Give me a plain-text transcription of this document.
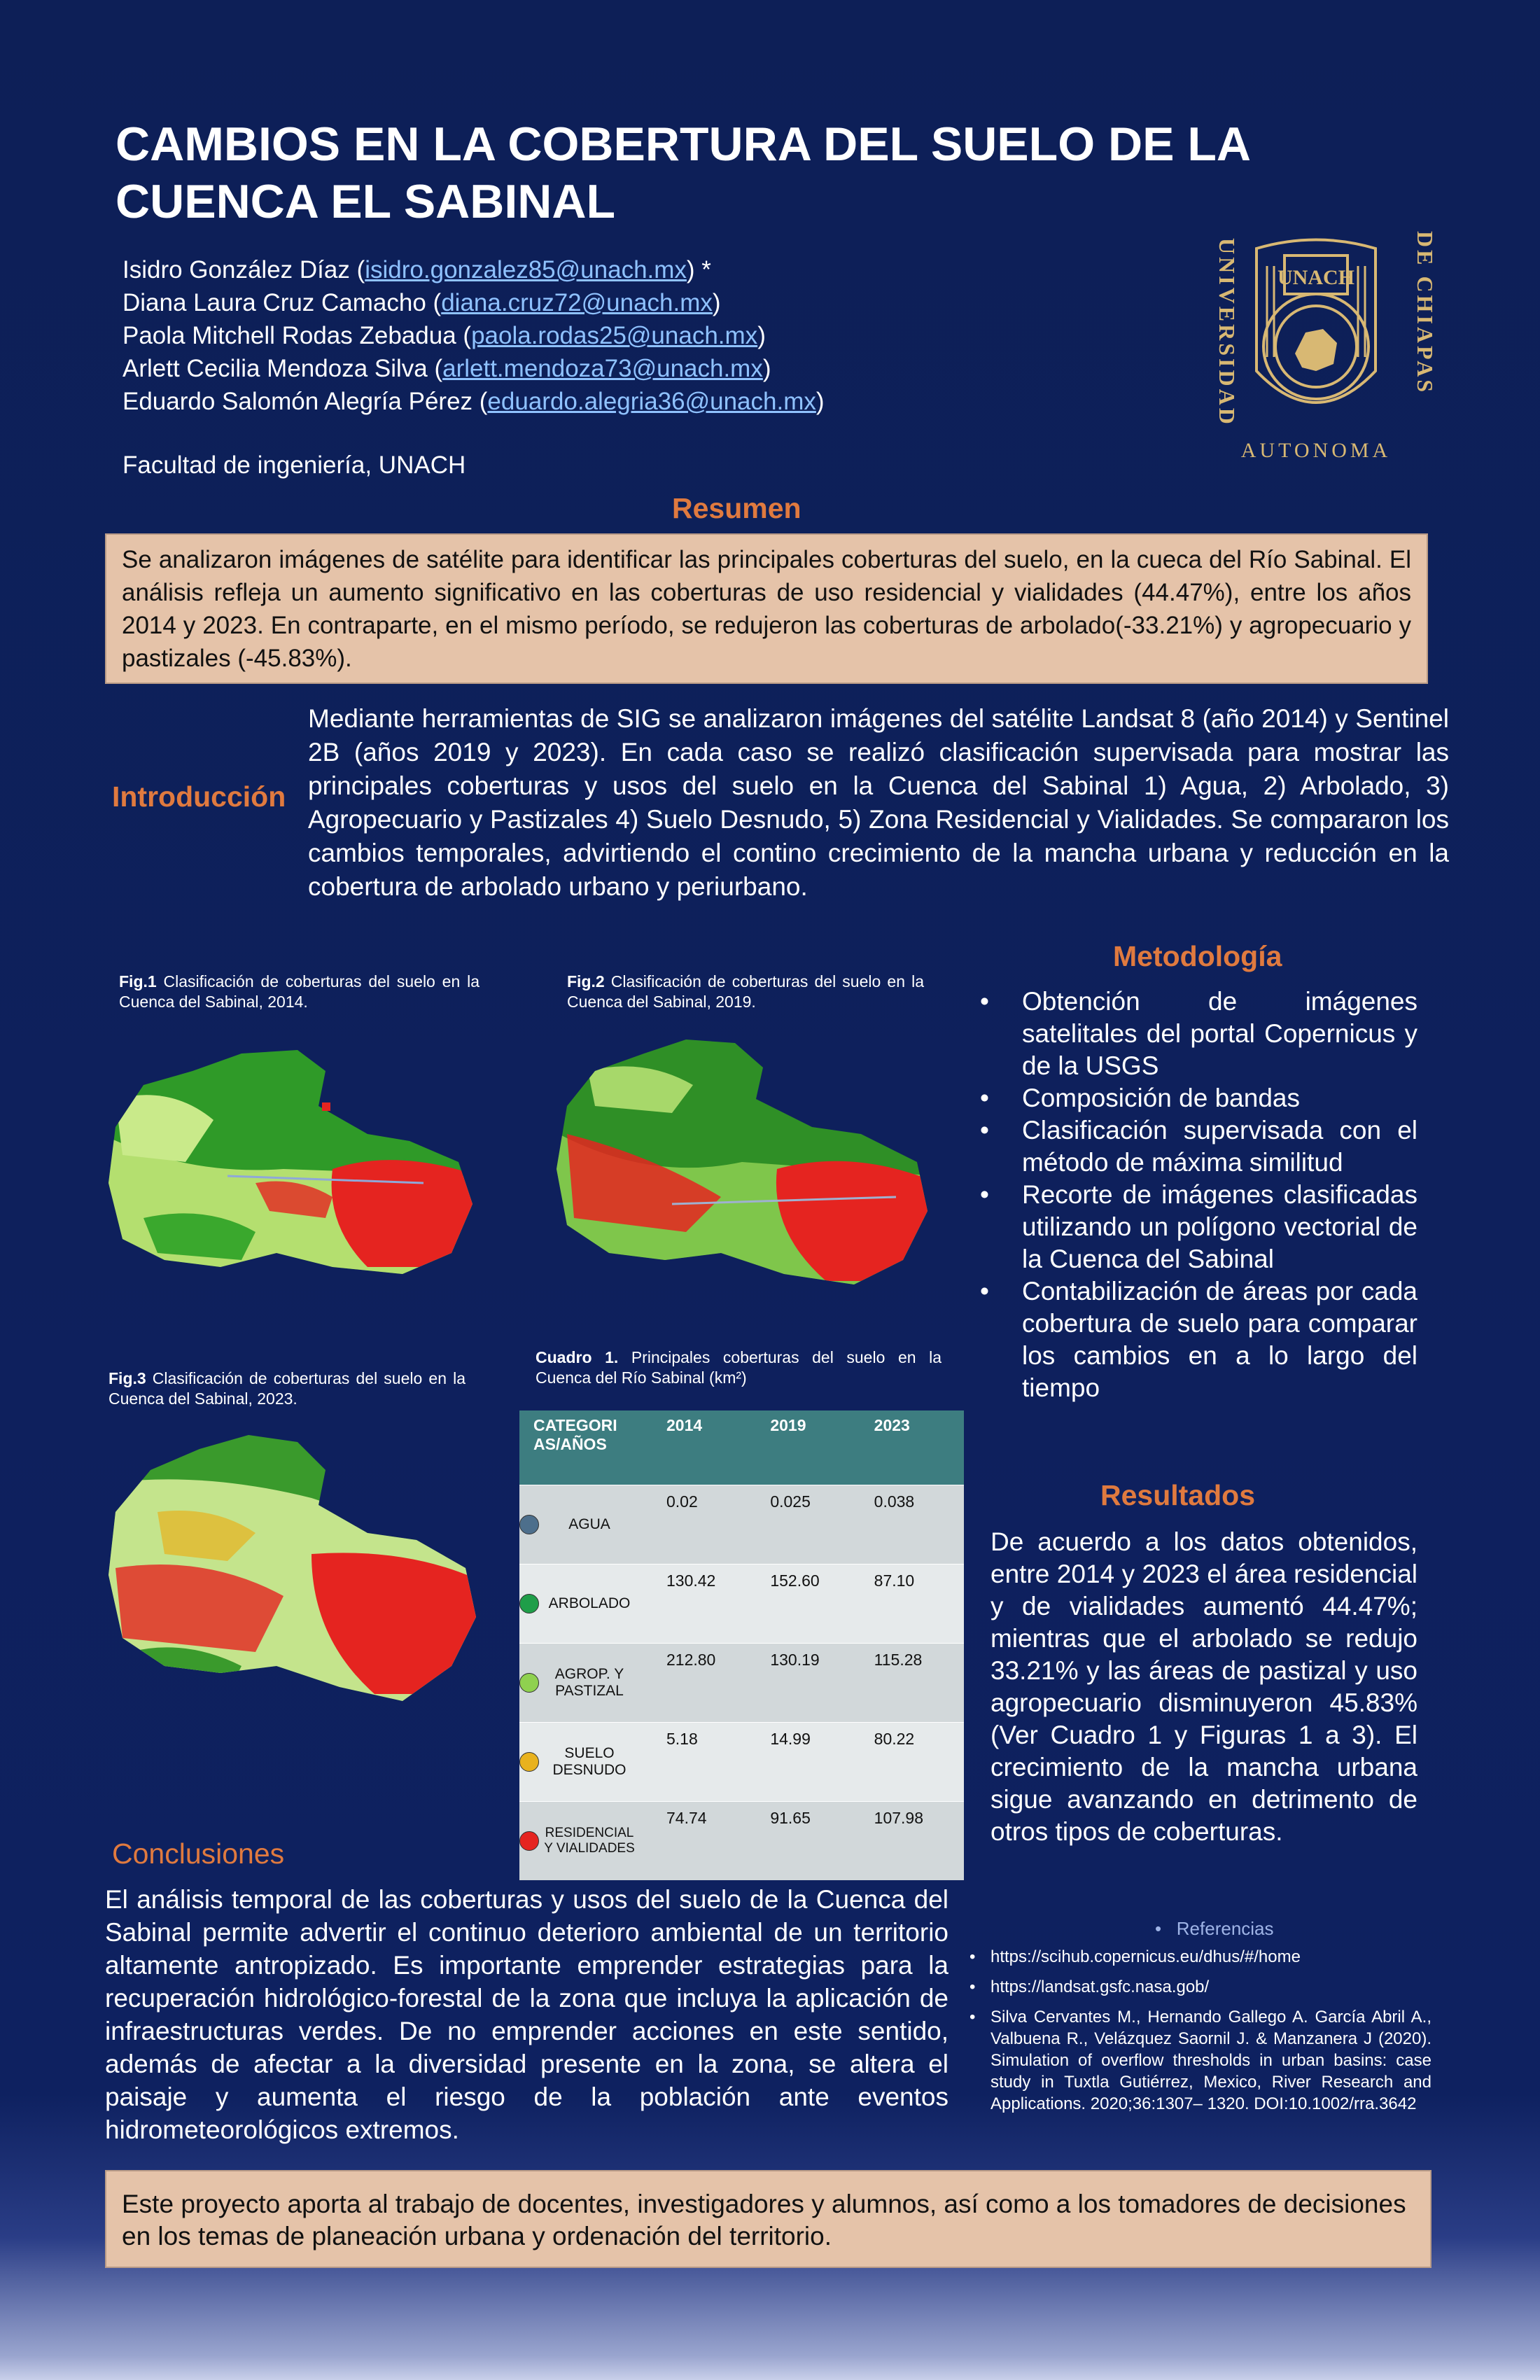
CAMBIOS EN LA COBERTURA DEL SUELO DE LA CUENCA EL SABINAL
Isidro González Díaz (isidro.gonzalez85@unach.mx) *
Diana Laura Cruz Camacho (diana.cruz72@unach.mx)
Paola Mitchell Rodas Zebadua (paola.rodas25@unach.mx)
Arlett Cecilia Mendoza Silva (arlett.mendoza73@unach.mx)
Eduardo Salomón Alegría Pérez (eduardo.alegria36@unach.mx)
Facultad de ingeniería, UNACH
UNACH
UNIVERSIDAD	DE CHIAPAS
AUTONOMA
Resumen
Se analizaron imágenes de satélite para identificar las principales coberturas del suelo, en la cueca del Río Sabinal. El análisis refleja un aumento significativo en las coberturas de uso residencial y vialidades (44.47%), entre los años 2014 y 2023. En contraparte, en el mismo período, se redujeron las coberturas de arbolado(-33.21%) y agropecuario y pastizales (-45.83%).
Introducción
Mediante herramientas de SIG se analizaron imágenes del satélite Landsat 8 (año 2014) y Sentinel 2B (años 2019 y 2023). En cada caso se realizó clasificación supervisada para mostrar las principales coberturas y usos del suelo en la Cuenca del Sabinal 1) Agua, 2) Arbolado, 3) Agropecuario y Pastizales 4) Suelo Desnudo, 5) Zona Residencial y Vialidades. Se compararon los cambios temporales, advirtiendo el contino crecimiento de la mancha urbana y reducción en la cobertura de arbolado urbano y periurbano.
Fig.1 Clasificación de coberturas del suelo en la Cuenca del Sabinal, 2014.
Fig.2 Clasificación de coberturas del suelo en la Cuenca del Sabinal, 2019.
Fig.3 Clasificación de coberturas del suelo en la Cuenca del Sabinal, 2023.
Cuadro 1. Principales coberturas del suelo en la Cuenca del Río Sabinal (km²)
CATEGORI AS/AÑOS	2014	2019	2023

AGUA	0.02	0.025	0.038

ARBOLADO	130.42	152.60	87.10

AGROP. Y PASTIZAL	212.80	130.19	115.28

SUELO DESNUDO	5.18	14.99	80.22

RESIDENCIAL Y VIALIDADES	74.74	91.65	107.98
Metodología
• Obtención de imágenes satelitales del portal Copernicus y de la USGS
• Composición de bandas
• Clasificación supervisada con el método de máxima similitud
• Recorte de imágenes clasificadas utilizando un polígono vectorial de la Cuenca del Sabinal
• Contabilización de áreas por cada cobertura de suelo para comparar los cambios en a lo largo del tiempo
Resultados
De acuerdo a los datos obtenidos, entre 2014 y 2023 el área residencial y de vialidades aumentó 44.47%; mientras que el arbolado se redujo 33.21% y las áreas de pastizal y uso agropecuario disminuyeron 45.83% (Ver Cuadro 1 y Figuras 1 a 3). El crecimiento de la mancha urbana sigue avanzando en detrimento de otros tipos de coberturas.
•   Referencias
• https://scihub.copernicus.eu/dhus/#/home
• https://landsat.gsfc.nasa.gob/
• Silva Cervantes M., Hernando Gallego A. García Abril A., Valbuena R., Velázquez Saornil J. & Manzanera J (2020). Simulation of overflow thresholds in urban basins: case study in Tuxtla Gutiérrez, Mexico, River Research and Applications. 2020;36:1307– 1320. DOI:10.1002/rra.3642
Conclusiones
El análisis temporal de las coberturas y usos del suelo de la Cuenca del Sabinal permite advertir el continuo deterioro ambiental de un territorio altamente antropizado. Es importante emprender estrategias para la recuperación hidrológico-forestal de la zona que incluya la aplicación de infraestructuras verdes. De no emprender acciones en este sentido, además de afectar a la diversidad presente en la zona, se altera el paisaje y aumenta el riesgo de la población ante eventos hidrometeorológicos extremos.
Este proyecto aporta al trabajo de docentes, investigadores y alumnos, así como a los tomadores de decisiones en los temas de planeación urbana y ordenación del territorio.
